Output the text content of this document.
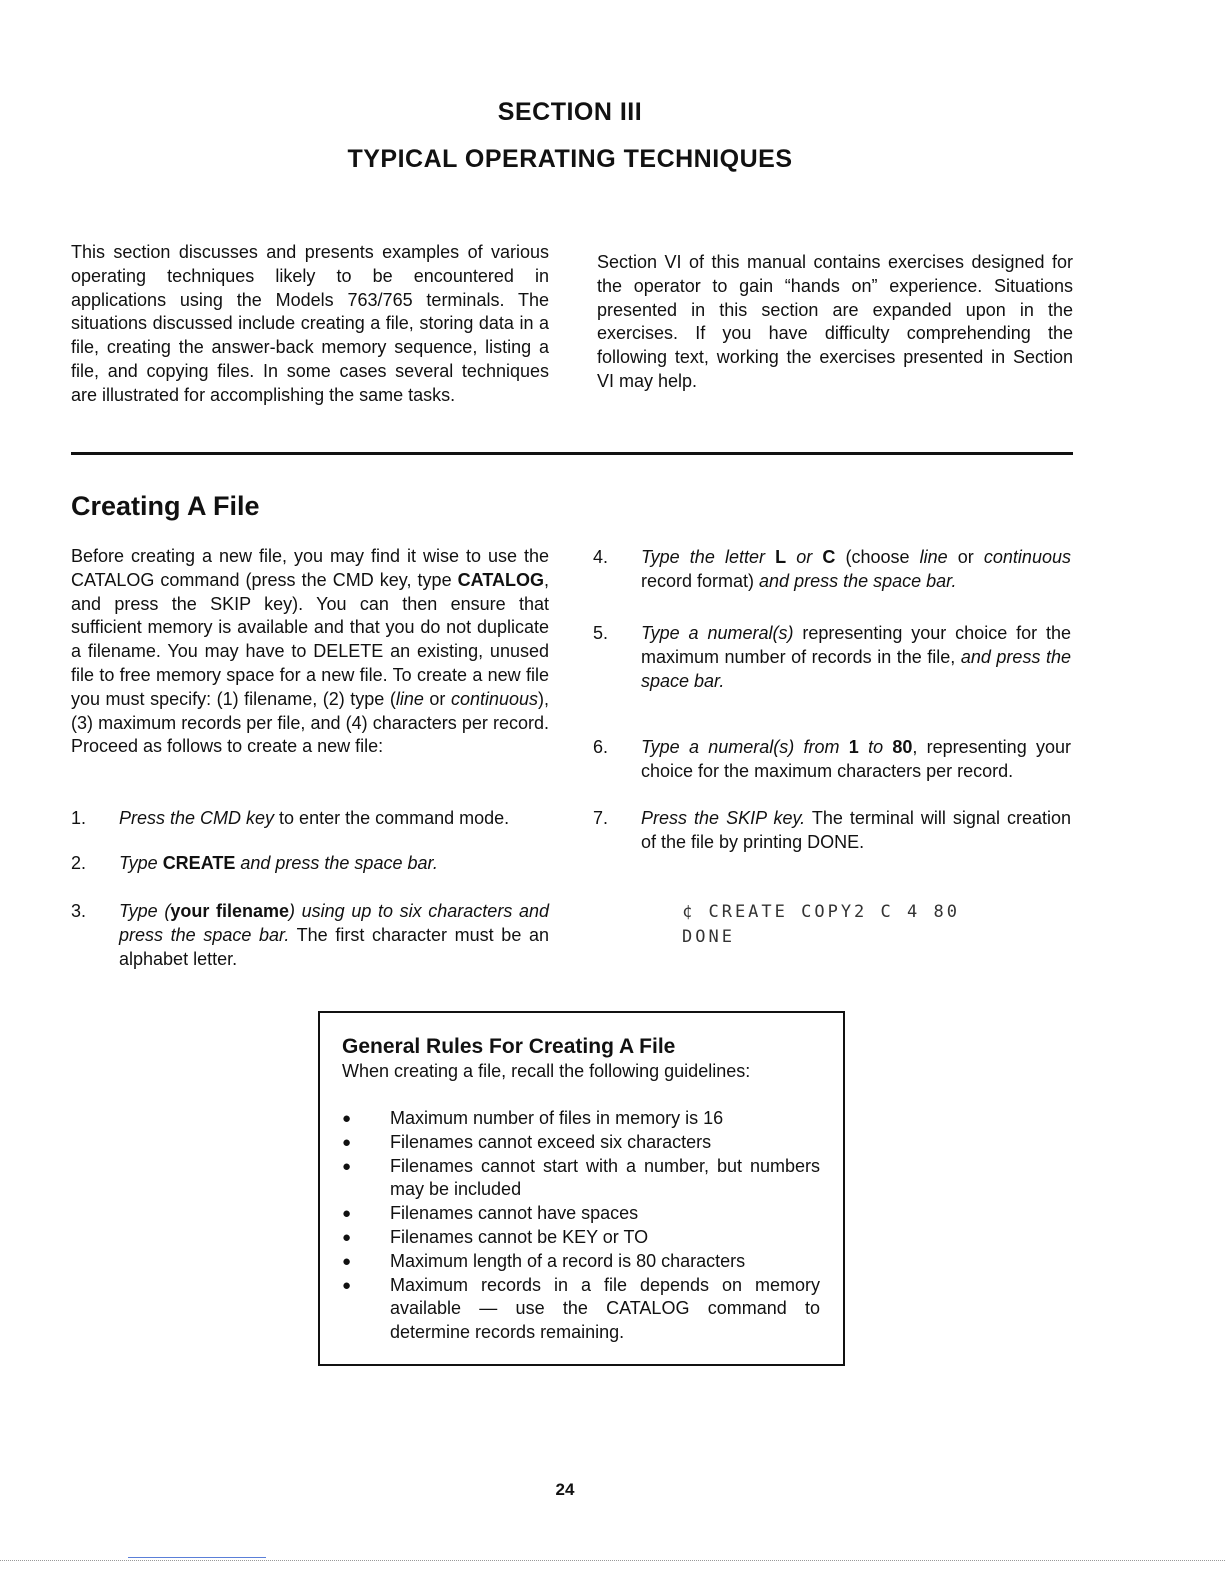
SECTION III
TYPICAL OPERATING TECHNIQUES
This section discusses and presents examples of various operating techniques likely to be encountered in applications using the Models 763/765 terminals. The situations discussed include creating a file, storing data in a file, creating the answer-back memory sequence, listing a file, and copying files. In some cases several techniques are illustrated for accomplishing the same tasks.
Section VI of this manual contains exercises designed for the operator to gain “hands on” experience. Situations presented in this section are expanded upon in the exercises. If you have difficulty comprehending the following text, working the exercises presented in Section VI may help.
Creating A File
Before creating a new file, you may find it wise to use the CATALOG command (press the CMD key, type CATALOG, and press the SKIP key). You can then ensure that sufficient memory is available and that you do not duplicate a filename. You may have to DELETE an existing, unused file to free memory space for a new file. To create a new file you must specify: (1) filename, (2) type (line or continuous), (3) maximum records per file, and (4) characters per record. Proceed as follows to create a new file:
1. Press the CMD key to enter the command mode.
2. Type CREATE and press the space bar.
3. Type (your filename) using up to six characters and press the space bar. The first character must be an alphabet letter.
4. Type the letter L or C (choose line or continuous record format) and press the space bar.
5. Type a numeral(s) representing your choice for the maximum number of records in the file, and press the space bar.
6. Type a numeral(s) from 1 to 80, representing your choice for the maximum characters per record.
7. Press the SKIP key. The terminal will signal creation of the file by printing DONE.
¢ CREATE COPY2 C 4 80
DONE
General Rules For Creating A File
When creating a file, recall the following guidelines:
● Maximum number of files in memory is 16
● Filenames cannot exceed six characters
● Filenames cannot start with a number, but numbers may be included
● Filenames cannot have spaces
● Filenames cannot be KEY or TO
● Maximum length of a record is 80 characters
● Maximum records in a file depends on memory available — use the CATALOG command to determine records remaining.
24
